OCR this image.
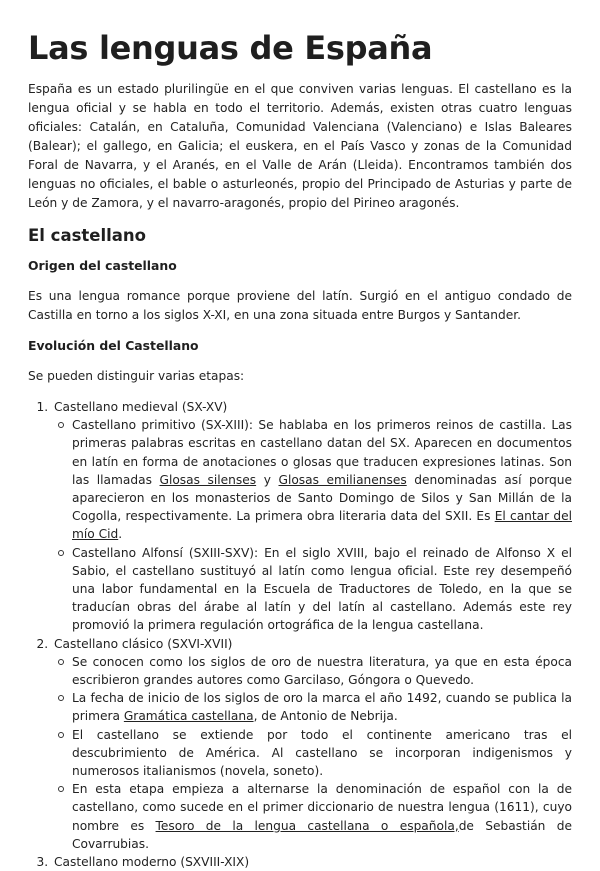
Las lenguas de España

España es un estado plurilingüe en el que conviven varias lenguas. El castellano es la lengua oficial y se habla en todo el territorio. Además, existen otras cuatro lenguas oficiales: Catalán, en Cataluña, Comunidad Valenciana (Valenciano) e Islas Baleares (Balear); el gallego, en Galicia; el euskera, en el País Vasco y zonas de la Comunidad Foral de Navarra, y el Aranés, en el Valle de Arán (Lleida). Encontramos también dos lenguas no oficiales, el bable o asturleonés, propio del Principado de Asturias y parte de León y de Zamora, y el navarro-aragonés, propio del Pirineo aragonés.

El castellano
Origen del castellano

Es una lengua romance porque proviene del latín. Surgió en el antiguo condado de Castilla en torno a los siglos X-XI, en una zona situada entre Burgos y Santander.

Evolución del Castellano

Se pueden distinguir varias etapas:

1. Castellano medieval (SX-XV)
Castellano primitivo (SX-XIII): Se hablaba en los primeros reinos de castilla. Las primeras palabras escritas en castellano datan del SX. Aparecen en documentos en latín en forma de anotaciones o glosas que traducen expresiones latinas. Son las llamadas Glosas silenses y Glosas emilianenses denominadas así porque aparecieron en los monasterios de Santo Domingo de Silos y San Millán de la Cogolla, respectivamente. La primera obra literaria data del SXII. Es El cantar del mío Cid.
Castellano Alfonsí (SXIII-SXV): En el siglo XVIII, bajo el reinado de Alfonso X el Sabio, el castellano sustituyó al latín como lengua oficial. Este rey desempeñó una labor fundamental en la Escuela de Traductores de Toledo, en la que se traducían obras del árabe al latín y del latín al castellano. Además este rey promovió la primera regulación ortográfica de la lengua castellana.
2. Castellano clásico (SXVI-XVII)
Se conocen como los siglos de oro de nuestra literatura, ya que en esta época escribieron grandes autores como Garcilaso, Góngora o Quevedo.
La fecha de inicio de los siglos de oro la marca el año 1492, cuando se publica la primera Gramática castellana, de Antonio de Nebrija.
El castellano se extiende por todo el continente americano tras el descubrimiento de América. Al castellano se incorporan indigenismos y numerosos italianismos (novela, soneto).
En esta etapa empieza a alternarse la denominación de español con la de castellano, como sucede en el primer diccionario de nuestra lengua (1611), cuyo nombre es Tesoro de la lengua castellana o española,de Sebastián de Covarrubias.
3. Castellano moderno (SXVIII-XIX)
